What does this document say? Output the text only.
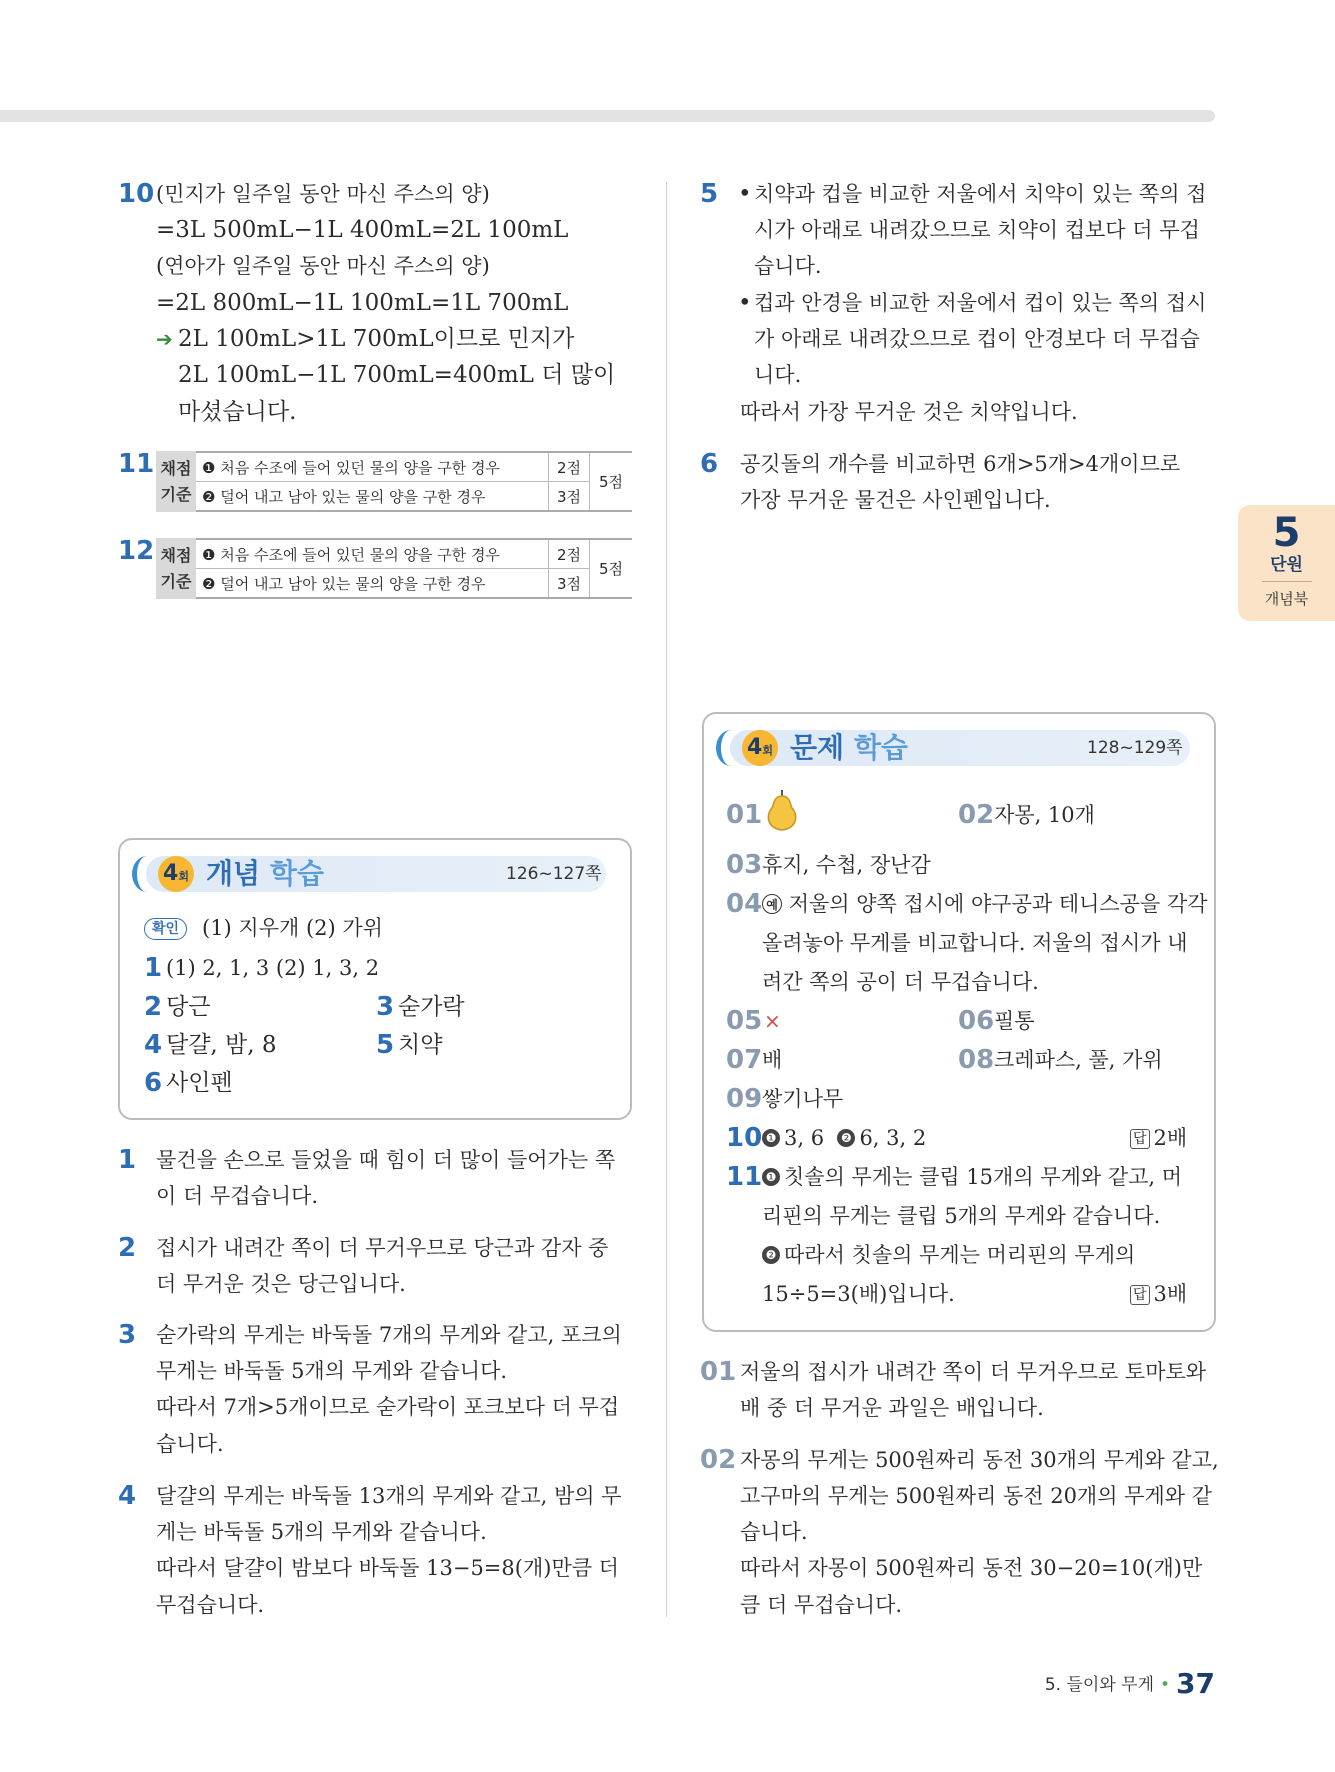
10 (민지가 일주일 동안 마신 주스의 양)
=3L 500mL−1L 400mL=2L 100mL
(연아가 일주일 동안 마신 주스의 양)
=2L 800mL−1L 100mL=1L 700mL
➔ 2L 100mL>1L 700mL이므로 민지가
2L 100mL−1L 700mL=400mL 더 많이
마셨습니다.
11 채점 기준
❶ 처음 수조에 들어 있던 물의 양을 구한 경우	2점	5점
❷ 덜어 내고 남아 있는 물의 양을 구한 경우	3점	
12 채점 기준
❶ 처음 수조에 들어 있던 물의 양을 구한 경우	2점	5점
❷ 덜어 내고 남아 있는 물의 양을 구한 경우	3점	
4회 개념 학습	126~127쪽
확인	(1) 지우개 (2) 가위
1 (1) 2, 1, 3 (2) 1, 3, 2
2 당근	3 숟가락
4 달걀, 밤, 8	5 치약
6 사인펜
1 물건을 손으로 들었을 때 힘이 더 많이 들어가는 쪽
이 더 무겁습니다.
2 접시가 내려간 쪽이 더 무거우므로 당근과 감자 중
더 무거운 것은 당근입니다.
3 숟가락의 무게는 바둑돌 7개의 무게와 같고, 포크의
무게는 바둑돌 5개의 무게와 같습니다.
따라서 7개>5개이므로 숟가락이 포크보다 더 무겁
습니다.
4 달걀의 무게는 바둑돌 13개의 무게와 같고, 밤의 무
게는 바둑돌 5개의 무게와 같습니다.
따라서 달걀이 밤보다 바둑돌 13−5=8(개)만큼 더
무겁습니다.
5 • 치약과 컵을 비교한 저울에서 치약이 있는 쪽의 접
시가 아래로 내려갔으므로 치약이 컵보다 더 무겁
습니다.
• 컵과 안경을 비교한 저울에서 컵이 있는 쪽의 접시
가 아래로 내려갔으므로 컵이 안경보다 더 무겁습
니다.
따라서 가장 무거운 것은 치약입니다.
6 공깃돌의 개수를 비교하면 6개>5개>4개이므로
가장 무거운 물건은 사인펜입니다.
4회 문제 학습	128~129쪽
01	02 자몽, 10개
03 휴지, 수첩, 장난감
04 예 저울의 양쪽 접시에 야구공과 테니스공을 각각
올려놓아 무게를 비교합니다. 저울의 접시가 내
려간 쪽의 공이 더 무겁습니다.
05 ×	06 필통
07 배	08 크레파스, 풀, 가위
09 쌓기나무
10 ❶ 3, 6 ❷ 6, 3, 2	답 2배
11 ❶ 칫솔의 무게는 클립 15개의 무게와 같고, 머
리핀의 무게는 클립 5개의 무게와 같습니다.
❷ 따라서 칫솔의 무게는 머리핀의 무게의
15÷5=3(배)입니다.	답 3배
01 저울의 접시가 내려간 쪽이 더 무거우므로 토마토와
배 중 더 무거운 과일은 배입니다.
02 자몽의 무게는 500원짜리 동전 30개의 무게와 같고,
고구마의 무게는 500원짜리 동전 20개의 무게와 같
습니다.
따라서 자몽이 500원짜리 동전 30−20=10(개)만
큼 더 무겁습니다.
5
단원
개념북
5. 들이와 무게 • 37
